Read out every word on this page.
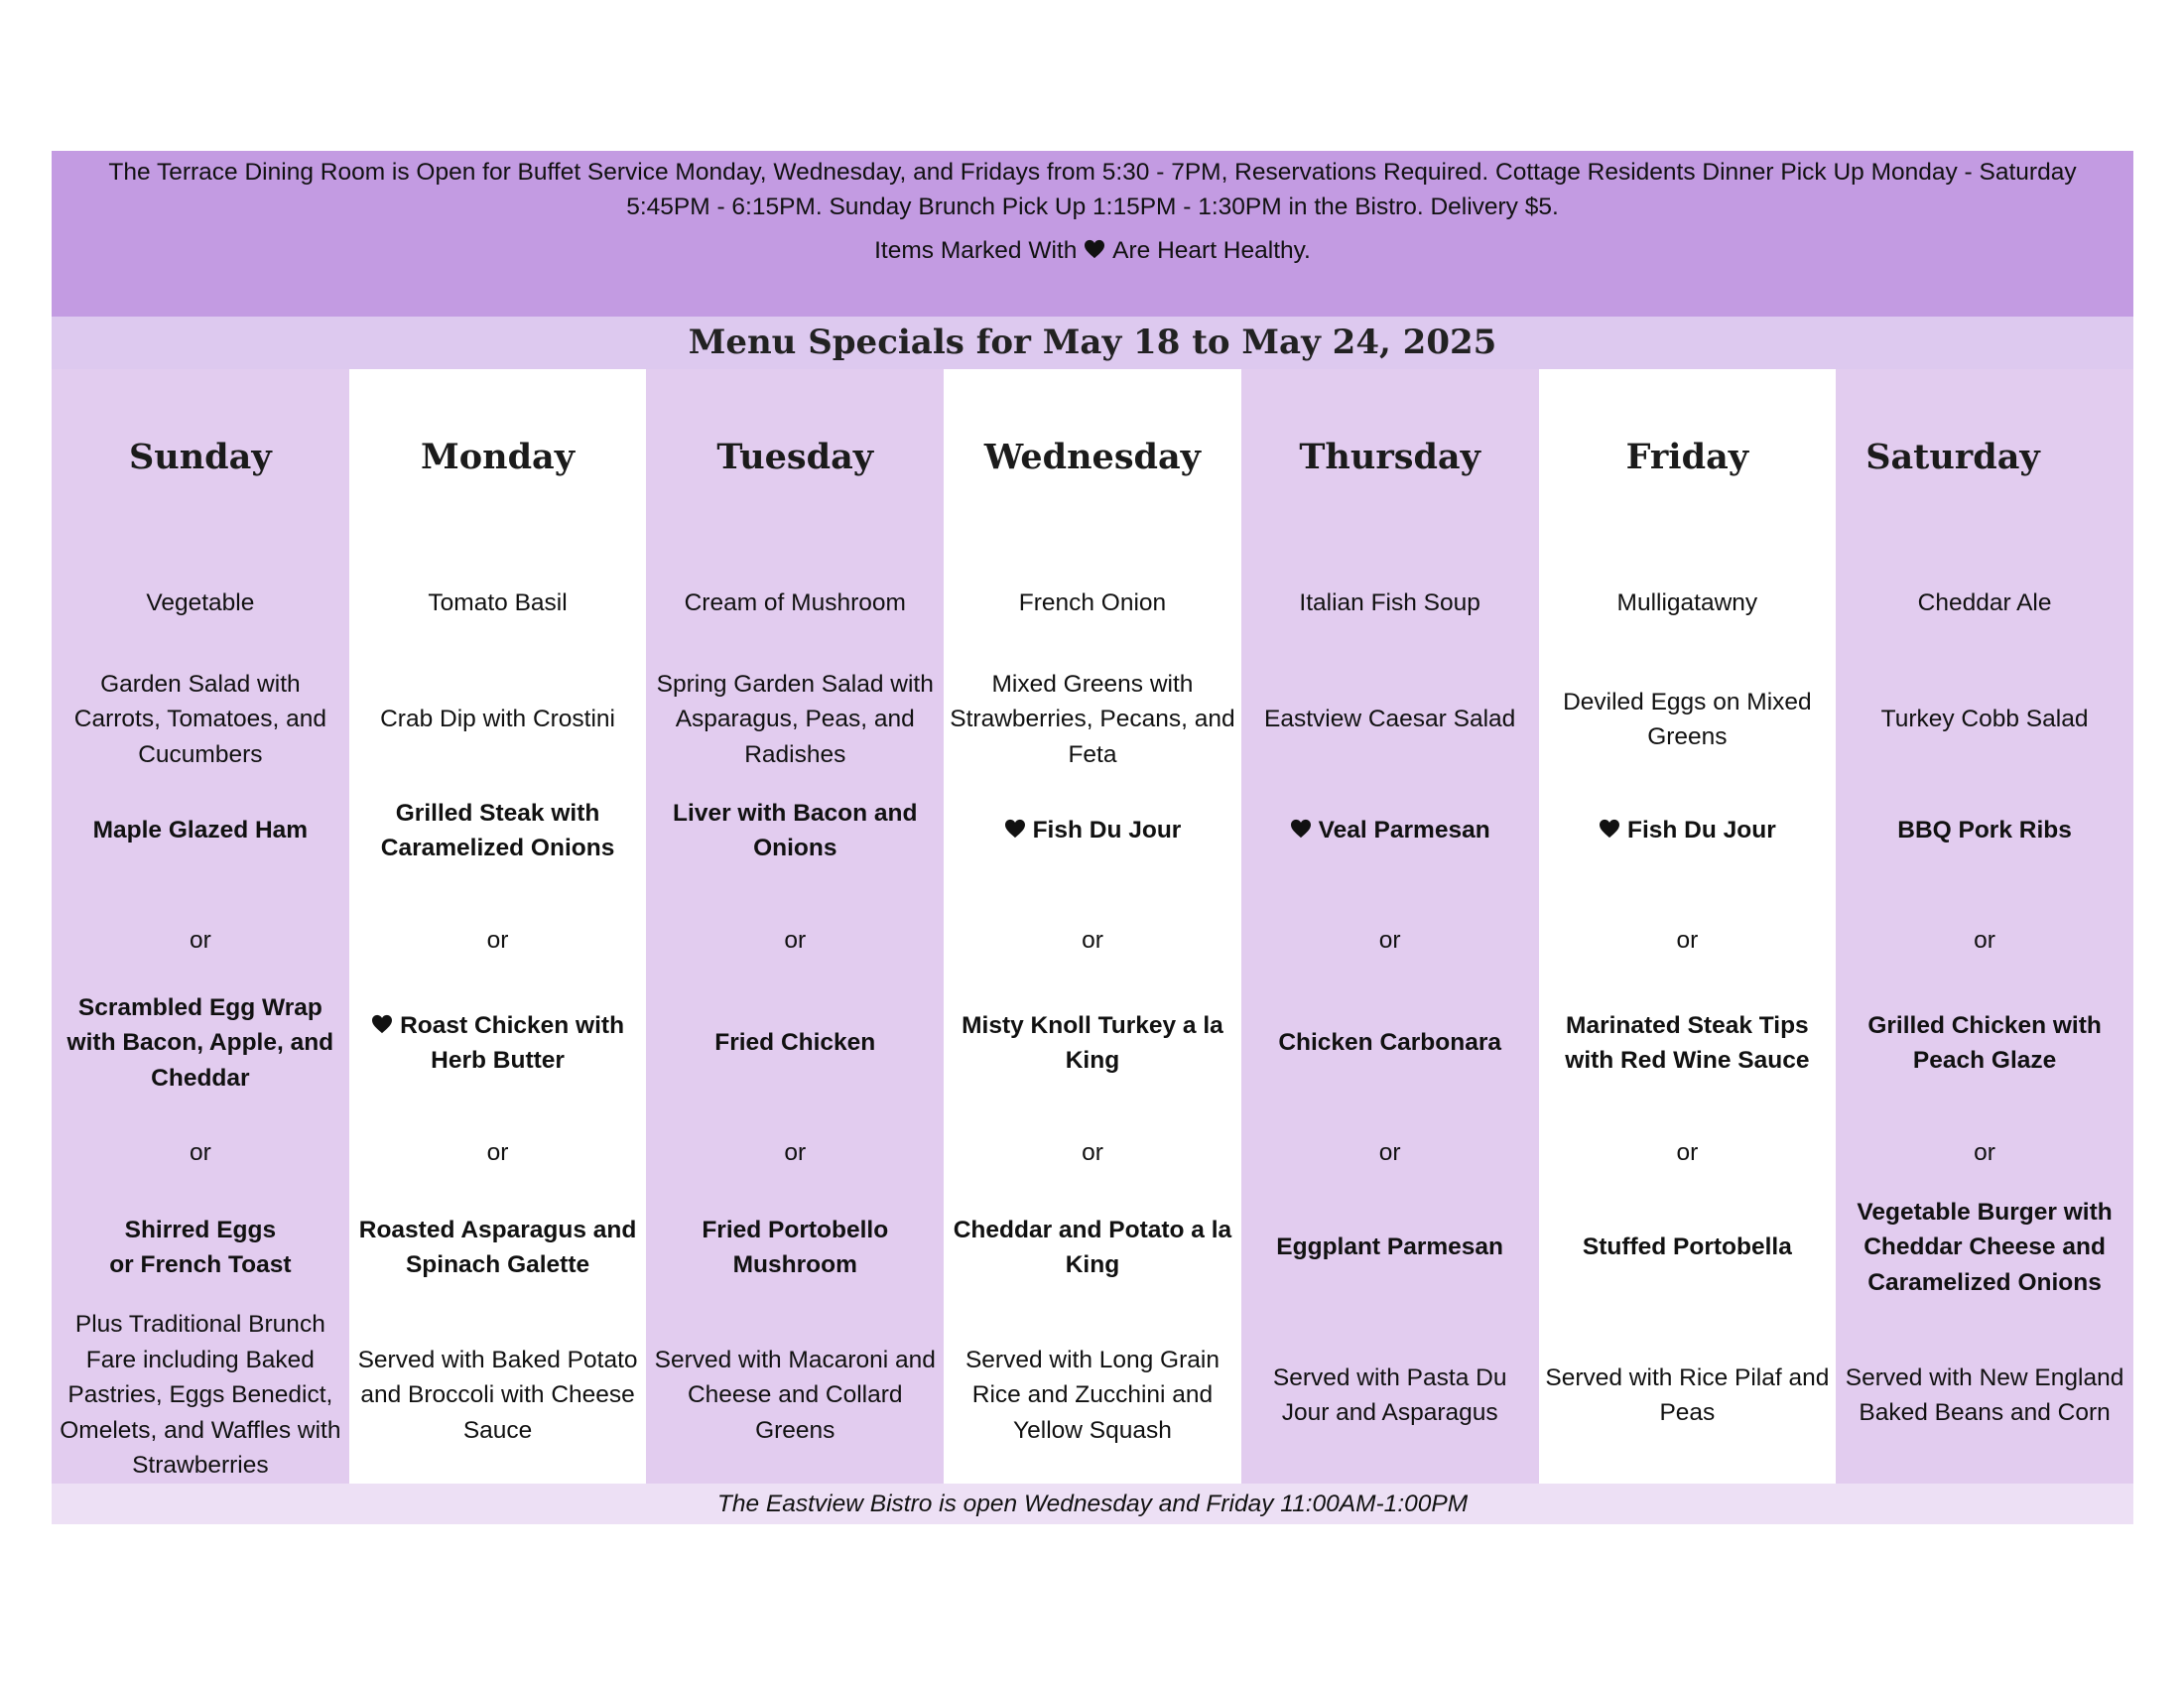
The Terrace Dining Room is Open for Buffet Service Monday, Wednesday, and Fridays from 5:30 - 7PM, Reservations Required. Cottage Residents Dinner Pick Up Monday - Saturday

5:45PM - 6:15PM. Sunday Brunch Pick Up 1:15PM - 1:30PM in the Bistro. Delivery $5.

Items Marked With Are Heart Healthy.

Menu Specials for May 18 to May 24, 2025
Sunday
Vegetable
Garden Salad with Carrots, Tomatoes, and Cucumbers
Maple Glazed Ham
or
Scrambled Egg Wrap with Bacon, Apple, and Cheddar
or
Shirred Eggs
or French Toast
Plus Traditional Brunch Fare including Baked Pastries, Eggs Benedict, Omelets, and Waffles with Strawberries
Monday
Tomato Basil
Crab Dip with Crostini
Grilled Steak with Caramelized Onions
or
Roast Chicken with Herb Butter
or
Roasted Asparagus and Spinach Galette
Served with Baked Potato and Broccoli with Cheese Sauce
Tuesday
Cream of Mushroom
Spring Garden Salad with Asparagus, Peas, and Radishes
Liver with Bacon and Onions
or
Fried Chicken
or
Fried Portobello Mushroom
Served with Macaroni and Cheese and Collard Greens
Wednesday
French Onion
Mixed Greens with Strawberries, Pecans, and Feta
Fish Du Jour
or
Misty Knoll Turkey a la King
or
Cheddar and Potato a la King
Served with Long Grain Rice and Zucchini and Yellow Squash
Thursday
Italian Fish Soup
Eastview Caesar Salad
Veal Parmesan
or
Chicken Carbonara
or
Eggplant Parmesan
Served with Pasta Du Jour and Asparagus
Friday
Mulligatawny
Deviled Eggs on Mixed Greens
Fish Du Jour
or
Marinated Steak Tips with Red Wine Sauce
or
Stuffed Portobella
Served with Rice Pilaf and Peas
Saturday
Cheddar Ale
Turkey Cobb Salad
BBQ Pork Ribs
or
Grilled Chicken with Peach Glaze
or
Vegetable Burger with Cheddar Cheese and Caramelized Onions
Served with New England Baked Beans and Corn
The Eastview Bistro is open Wednesday and Friday 11:00AM-1:00PM
